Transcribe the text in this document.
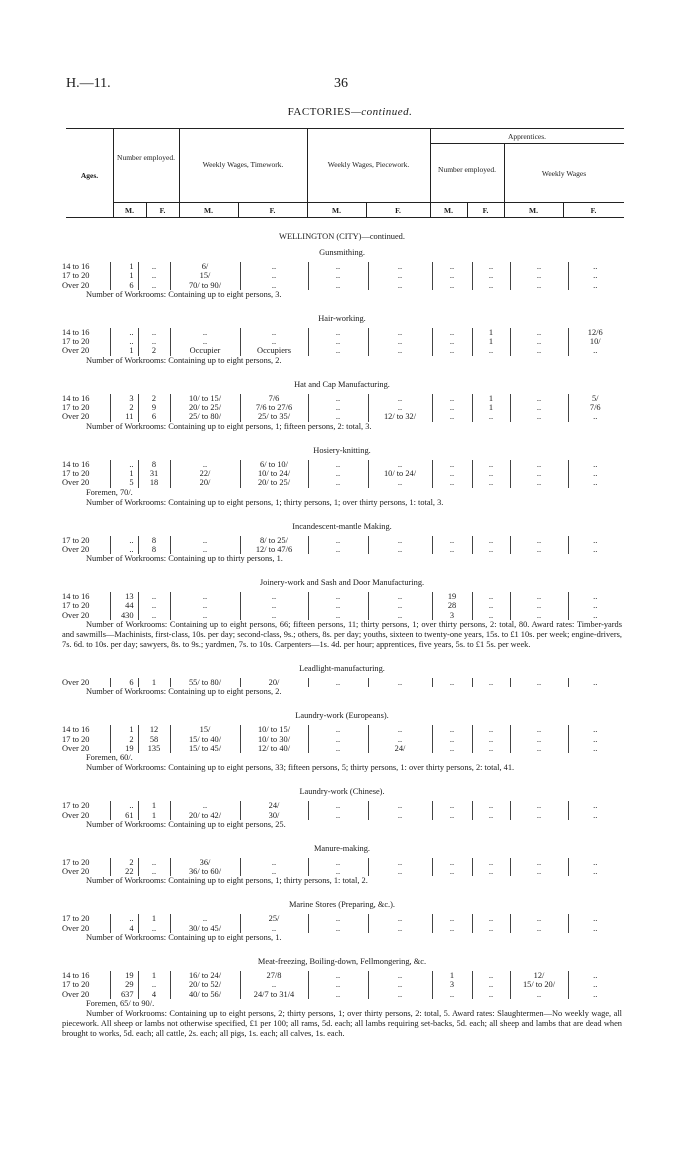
H.—11.	36
FACTORIES—continued.
Ages.
Number employed.
Weekly Wages, Timework.	Weekly Wages, Piecework.
Apprentices.
Number employed.	Weekly Wages
M.	F.	M.	F.	M.	F.	M.	F.	M.	F.
WELLINGTON (CITY)—continued.
Gunsmithing.
14 to 16	1	..	6/	..	..	..	..	..	..	..
17 to 20	1	..	15/	..	..	..	..	..	..	..
Over 20	6	..	70/ to 90/	..	..	..	..	..	..	..
Number of Workrooms: Containing up to eight persons, 3.
Hair-working.
14 to 16	..	..	..	..	..	..	..	1	..	12/6
17 to 20	..	..	..	..	..	..	..	1	..	10/
Over 20	1	2	Occupier	Occupiers	..	..	..	..	..	..
Number of Workrooms: Containing up to eight persons, 2.
Hat and Cap Manufacturing.
14 to 16	3	2	10/ to 15/	7/6	..	..	..	1	..	5/
17 to 20	2	9	20/ to 25/	7/6 to 27/6	..	..	..	1	..	7/6
Over 20	11	6	25/ to 80/	25/ to 35/	..	12/ to 32/	..	..	..	..
Number of Workrooms: Containing up to eight persons, 1; fifteen persons, 2: total, 3.
Hosiery-knitting.
14 to 16	..	8	..	6/ to 10/	..	..	..	..	..	..
17 to 20	1	31	22/	10/ to 24/	..	10/ to 24/	..	..	..	..
Over 20	5	18	20/	20/ to 25/	..	..	..	..	..	..
Foremen, 70/.
Number of Workrooms: Containing up to eight persons, 1; thirty persons, 1; over thirty persons, 1: total, 3.
Incandescent-mantle Making.
17 to 20	..	8	..	8/ to 25/	..	..	..	..	..	..
Over 20	..	8	..	12/ to 47/6	..	..	..	..	..	..
Number of Workrooms: Containing up to thirty persons, 1.
Joinery-work and Sash and Door Manufacturing.
14 to 16	13	..	..	..	..	..	19	..	..	..
17 to 20	44	..	..	..	..	..	28	..	..	..
Over 20	430	..	..	..	..	..	3	..	..	..
Number of Workrooms: Containing up to eight persons, 66; fifteen persons, 11; thirty persons, 1; over thirty persons, 2: total, 80. Award rates: Timber-yards and sawmills—Machinists, first-class, 10s. per day; second-class, 9s.; others, 8s. per day; youths, sixteen to twenty-one years, 15s. to £1 10s. per week; engine-drivers, 7s. 6d. to 10s. per day; sawyers, 8s. to 9s.; yardmen, 7s. to 10s. Carpenters—1s. 4d. per hour; apprentices, five years, 5s. to £1 5s. per week.
Leadlight-manufacturing.
Over 20	6	1	55/ to 80/	20/	..	..	..	..	..	..
Number of Workrooms: Containing up to eight persons, 2.
Laundry-work (Europeans).
14 to 16	1	12	15/	10/ to 15/	..	..	..	..	..	..
17 to 20	2	58	15/ to 40/	10/ to 30/	..	..	..	..	..	..
Over 20	19	135	15/ to 45/	12/ to 40/	..	24/	..	..	..	..
Foremen, 60/.
Number of Workrooms: Containing up to eight persons, 33; fifteen persons, 5; thirty persons, 1: over thirty persons, 2: total, 41.
Laundry-work (Chinese).
17 to 20	..	1	..	24/	..	..	..	..	..	..
Over 20	61	1	20/ to 42/	30/	..	..	..	..	..	..
Number of Workrooms: Containing up to eight persons, 25.
Manure-making.
17 to 20	2	..	36/	..	..	..	..	..	..	..
Over 20	22	..	36/ to 60/	..	..	..	..	..	..	..
Number of Workrooms: Containing up to eight persons, 1; thirty persons, 1: total, 2.
Marine Stores (Preparing, &c.).
17 to 20	..	1	..	25/	..	..	..	..	..	..
Over 20	4	..	30/ to 45/	..	..	..	..	..	..	..
Number of Workrooms: Containing up to eight persons, 1.
Meat-freezing, Boiling-down, Fellmongering, &c.
14 to 16	19	1	16/ to 24/	27/8	..	..	1	..	12/	..
17 to 20	29	..	20/ to 52/	..	..	..	3	..	15/ to 20/	..
Over 20	637	4	40/ to 56/	24/7 to 31/4	..	..	..	..	..	..
Foremen, 65/ to 90/.
Number of Workrooms: Containing up to eight persons, 2; thirty persons, 1; over thirty persons, 2: total, 5. Award rates: Slaughtermen—No weekly wage, all piecework. All sheep or lambs not otherwise specified, £1 per 100; all rams, 5d. each; all lambs requiring set-backs, 5d. each; all sheep and lambs that are dead when brought to works, 5d. each; all cattle, 2s. each; all pigs, 1s. each; all calves, 1s. each.
